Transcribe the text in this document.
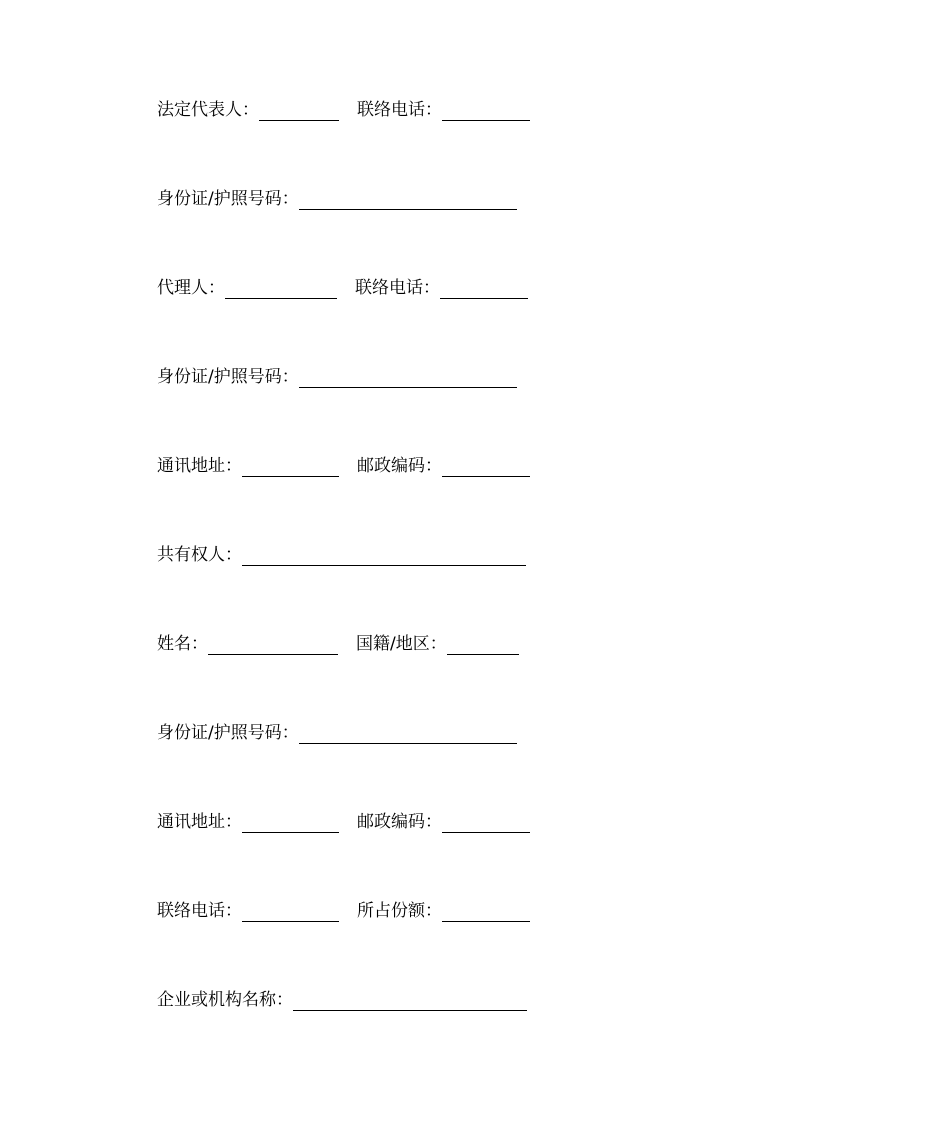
法定代表人：	联络电话：
身份证/护照号码：
代理人：	联络电话：
身份证/护照号码：
通讯地址：	邮政编码：
共有权人：
姓名：	国籍/地区：
身份证/护照号码：
通讯地址：	邮政编码：
联络电话：	所占份额：
企业或机构名称：
